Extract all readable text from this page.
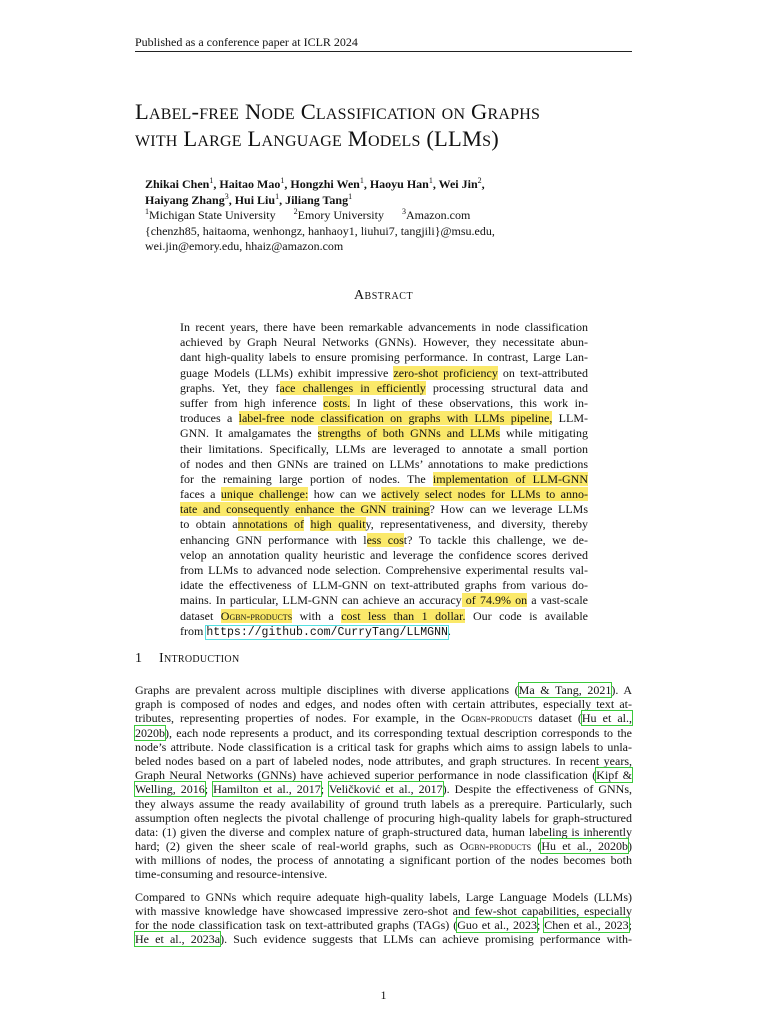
Published as a conference paper at ICLR 2024
Label-free Node Classification on Graphs
with Large Language Models (LLMs)
Zhikai Chen$^1$, Haitao Mao$^1$, Hongzhi Wen$^1$, Haoyu Han$^1$, Wei Jin$^2$,
Haiyang Zhang$^3$, Hui Liu$^1$, Jiliang Tang$^1$
$^1$Michigan State University $^2$Emory University $^3$Amazon.com
{chenzh85, haitaoma, wenhongz, hanhaoy1, liuhui7, tangjili}@msu.edu,
wei.jin@emory.edu, hhaiz@amazon.com
Abstract
In recent years, there have been remarkable advancements in node classification
achieved by Graph Neural Networks (GNNs). However, they necessitate abun-
dant high-quality labels to ensure promising performance. In contrast, Large Lan-
guage Models (LLMs) exhibit impressive zero-shot proficiency on text-attributed
graphs. Yet, they face challenges in efficiently processing structural data and
suffer from high inference costs. In light of these observations, this work in-
troduces a label-free node classification on graphs with LLMs pipeline, LLM-
GNN. It amalgamates the strengths of both GNNs and LLMs while mitigating
their limitations. Specifically, LLMs are leveraged to annotate a small portion
of nodes and then GNNs are trained on LLMs’ annotations to make predictions
for the remaining large portion of nodes. The implementation of LLM-GNN
faces a unique challenge: how can we actively select nodes for LLMs to anno-
tate and consequently enhance the GNN training? How can we leverage LLMs
to obtain annotations of high quality, representativeness, and diversity, thereby
enhancing GNN performance with less cost? To tackle this challenge, we de-
velop an annotation quality heuristic and leverage the confidence scores derived
from LLMs to advanced node selection. Comprehensive experimental results val-
idate the effectiveness of LLM-GNN on text-attributed graphs from various do-
mains. In particular, LLM-GNN can achieve an accuracy of 74.9% on a vast-scale
dataset Ogbn-products with a cost less than 1 dollar. Our code is available
from https://github.com/CurryTang/LLMGNN.
1 Introduction
Graphs are prevalent across multiple disciplines with diverse applications (Ma & Tang, 2021). A
graph is composed of nodes and edges, and nodes often with certain attributes, especially text at-
tributes, representing properties of nodes. For example, in the Ogbn-products dataset (Hu et al.,
2020b), each node represents a product, and its corresponding textual description corresponds to the
node’s attribute. Node classification is a critical task for graphs which aims to assign labels to unla-
beled nodes based on a part of labeled nodes, node attributes, and graph structures. In recent years,
Graph Neural Networks (GNNs) have achieved superior performance in node classification (Kipf &
Welling, 2016; Hamilton et al., 2017; Veličković et al., 2017). Despite the effectiveness of GNNs,
they always assume the ready availability of ground truth labels as a prerequire. Particularly, such
assumption often neglects the pivotal challenge of procuring high-quality labels for graph-structured
data: (1) given the diverse and complex nature of graph-structured data, human labeling is inherently
hard; (2) given the sheer scale of real-world graphs, such as Ogbn-products (Hu et al., 2020b)
with millions of nodes, the process of annotating a significant portion of the nodes becomes both
time-consuming and resource-intensive.
Compared to GNNs which require adequate high-quality labels, Large Language Models (LLMs)
with massive knowledge have showcased impressive zero-shot and few-shot capabilities, especially
for the node classification task on text-attributed graphs (TAGs) (Guo et al., 2023; Chen et al., 2023;
He et al., 2023a). Such evidence suggests that LLMs can achieve promising performance with-
1
